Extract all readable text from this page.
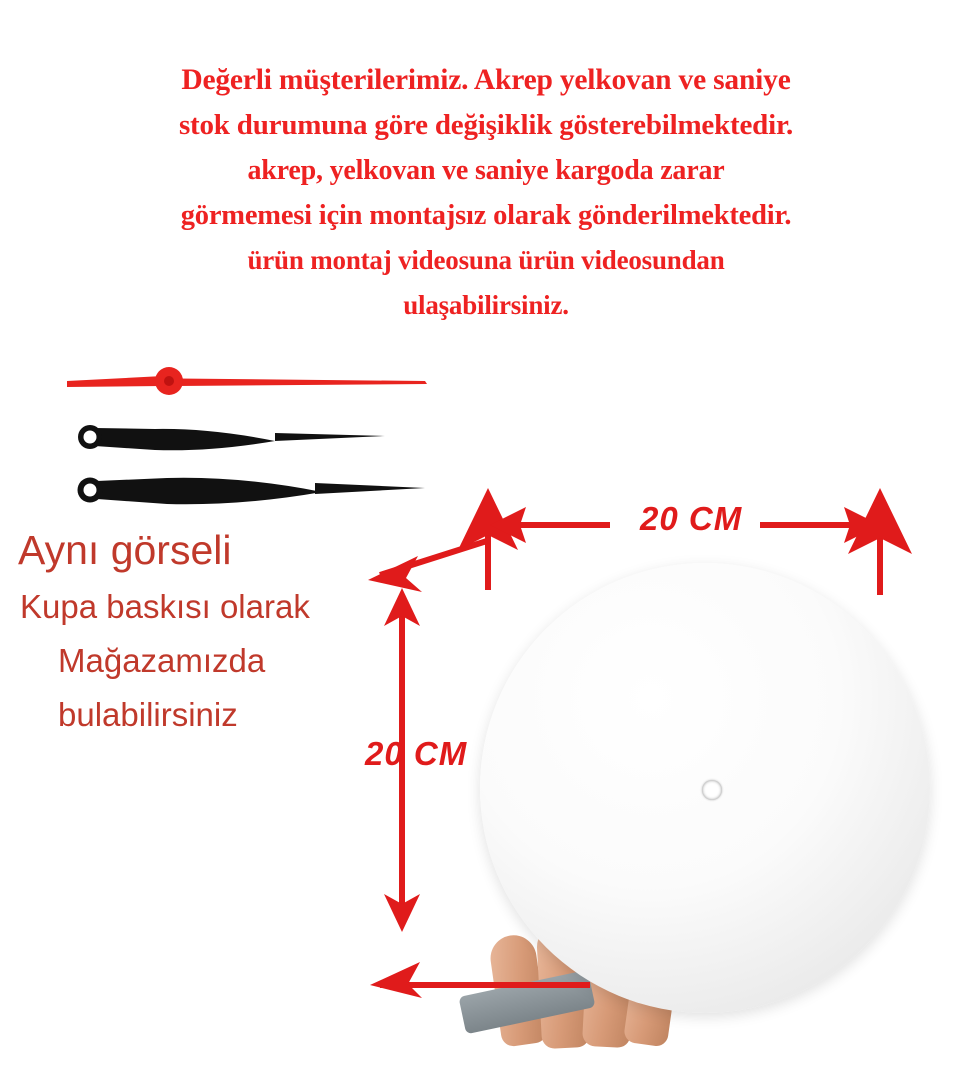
Değerli müşterilerimiz. Akrep yelkovan ve saniye
stok durumuna göre değişiklik gösterebilmektedir.
akrep, yelkovan ve saniye kargoda zarar
görmemesi için montajsız olarak gönderilmektedir.
ürün montaj videosuna ürün videosundan
ulaşabilirsiniz.
Aynı görseli
Kupa baskısı olarak
Mağazamızda
bulabilirsiniz
20 CM
20 CM
